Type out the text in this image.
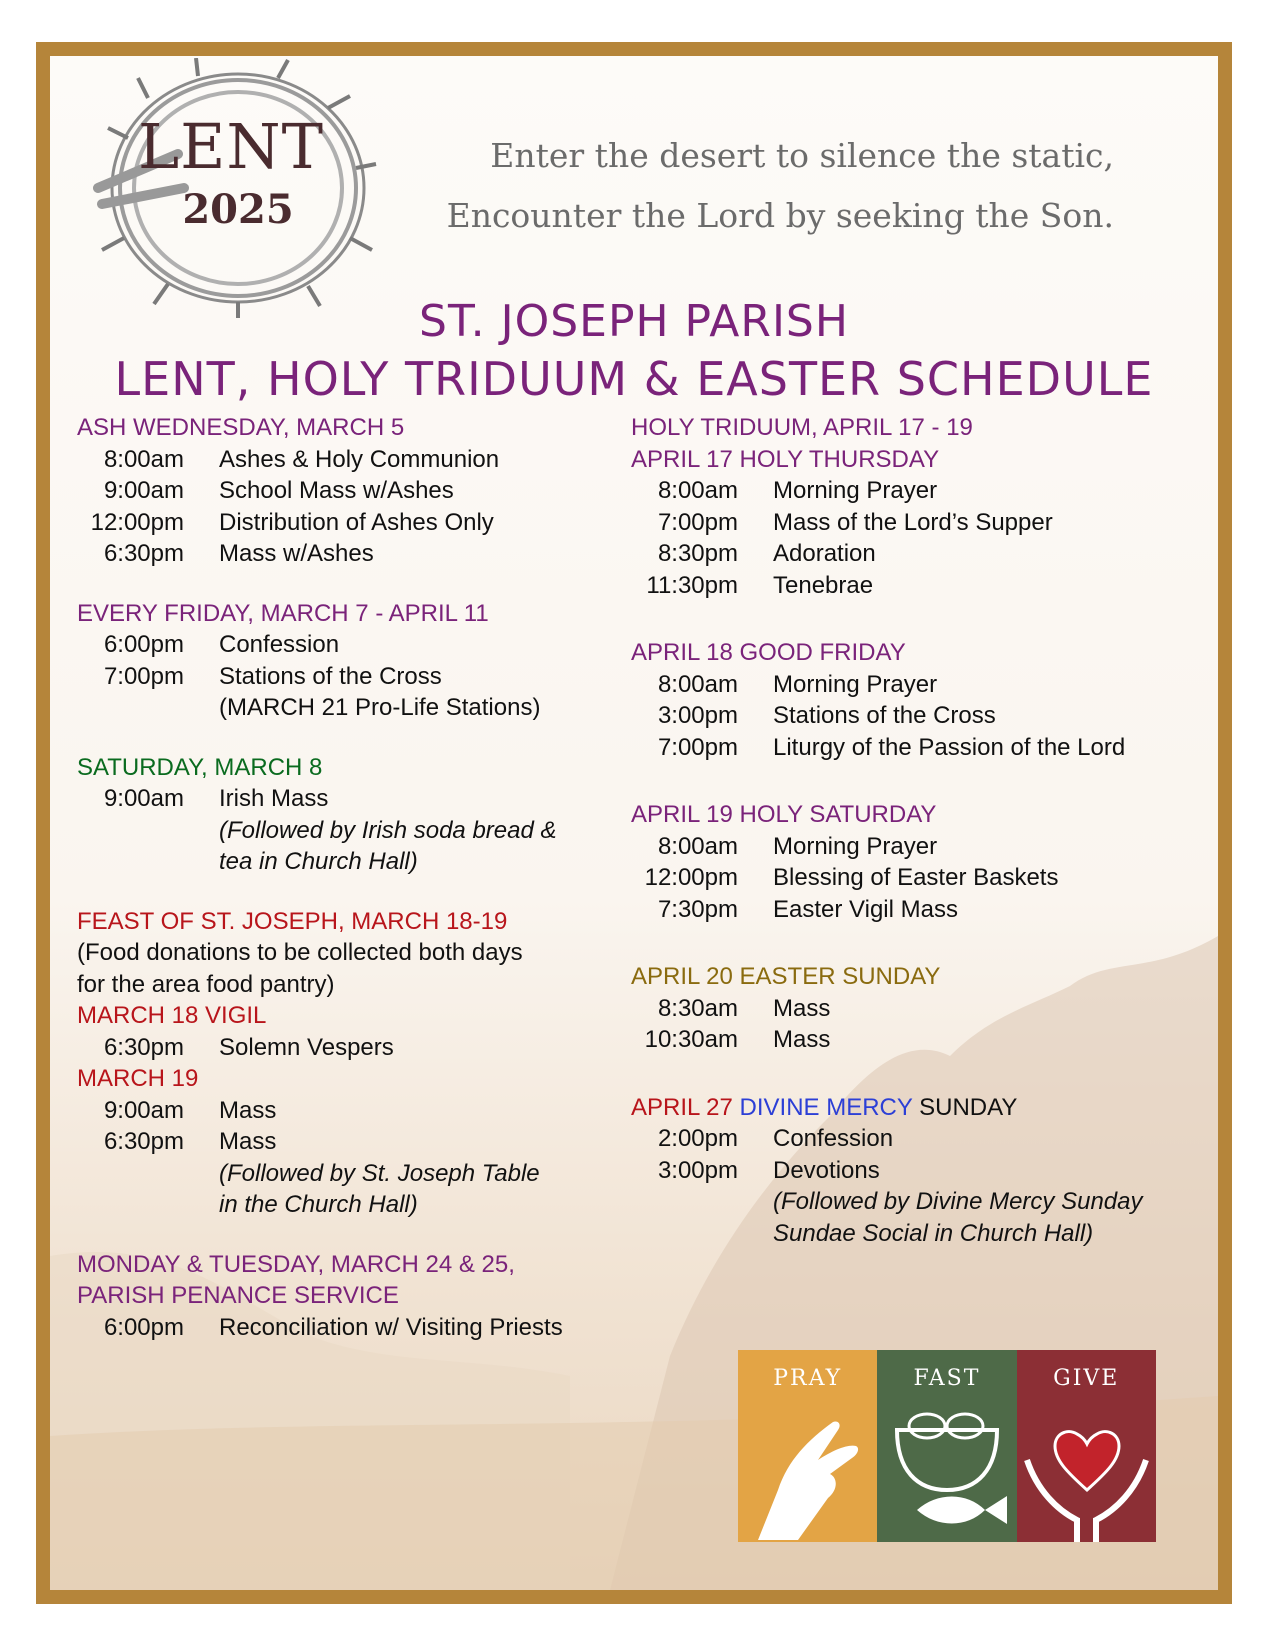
LENT
2025
Enter the desert to silence the static,
Encounter the Lord by seeking the Son.
ST. JOSEPH PARISH
LENT, HOLY TRIDUUM & EASTER SCHEDULE
ASH WEDNESDAY, MARCH 5
8:00am	Ashes & Holy Communion
9:00am	School Mass w/Ashes
12:00pm	Distribution of Ashes Only
6:30pm	Mass w/Ashes
EVERY FRIDAY, MARCH 7 - APRIL 11
6:00pm	Confession
7:00pm	Stations of the Cross
(MARCH 21 Pro-Life Stations)
SATURDAY, MARCH 8
9:00am	Irish Mass
(Followed by Irish soda bread &
tea in Church Hall)
FEAST OF ST. JOSEPH, MARCH 18-19
(Food donations to be collected both days
for the area food pantry)
MARCH 18 VIGIL
6:30pm	Solemn Vespers
MARCH 19
9:00am	Mass
6:30pm	Mass
(Followed by St. Joseph Table
in the Church Hall)
MONDAY & TUESDAY, MARCH 24 & 25,
PARISH PENANCE SERVICE
6:00pm	Reconciliation w/ Visiting Priests
HOLY TRIDUUM, APRIL 17 - 19
APRIL 17 HOLY THURSDAY
8:00am	Morning Prayer
7:00pm	Mass of the Lord’s Supper
8:30pm	Adoration
11:30pm	Tenebrae
APRIL 18 GOOD FRIDAY
8:00am	Morning Prayer
3:00pm	Stations of the Cross
7:00pm	Liturgy of the Passion of the Lord
APRIL 19 HOLY SATURDAY
8:00am	Morning Prayer
12:00pm	Blessing of Easter Baskets
7:30pm	Easter Vigil Mass
APRIL 20 EASTER SUNDAY
8:30am	Mass
10:30am	Mass
APRIL 27 DIVINE MERCY SUNDAY
2:00pm	Confession
3:00pm	Devotions
(Followed by Divine Mercy Sunday
Sundae Social in Church Hall)
PRAY	FAST	GIVE
